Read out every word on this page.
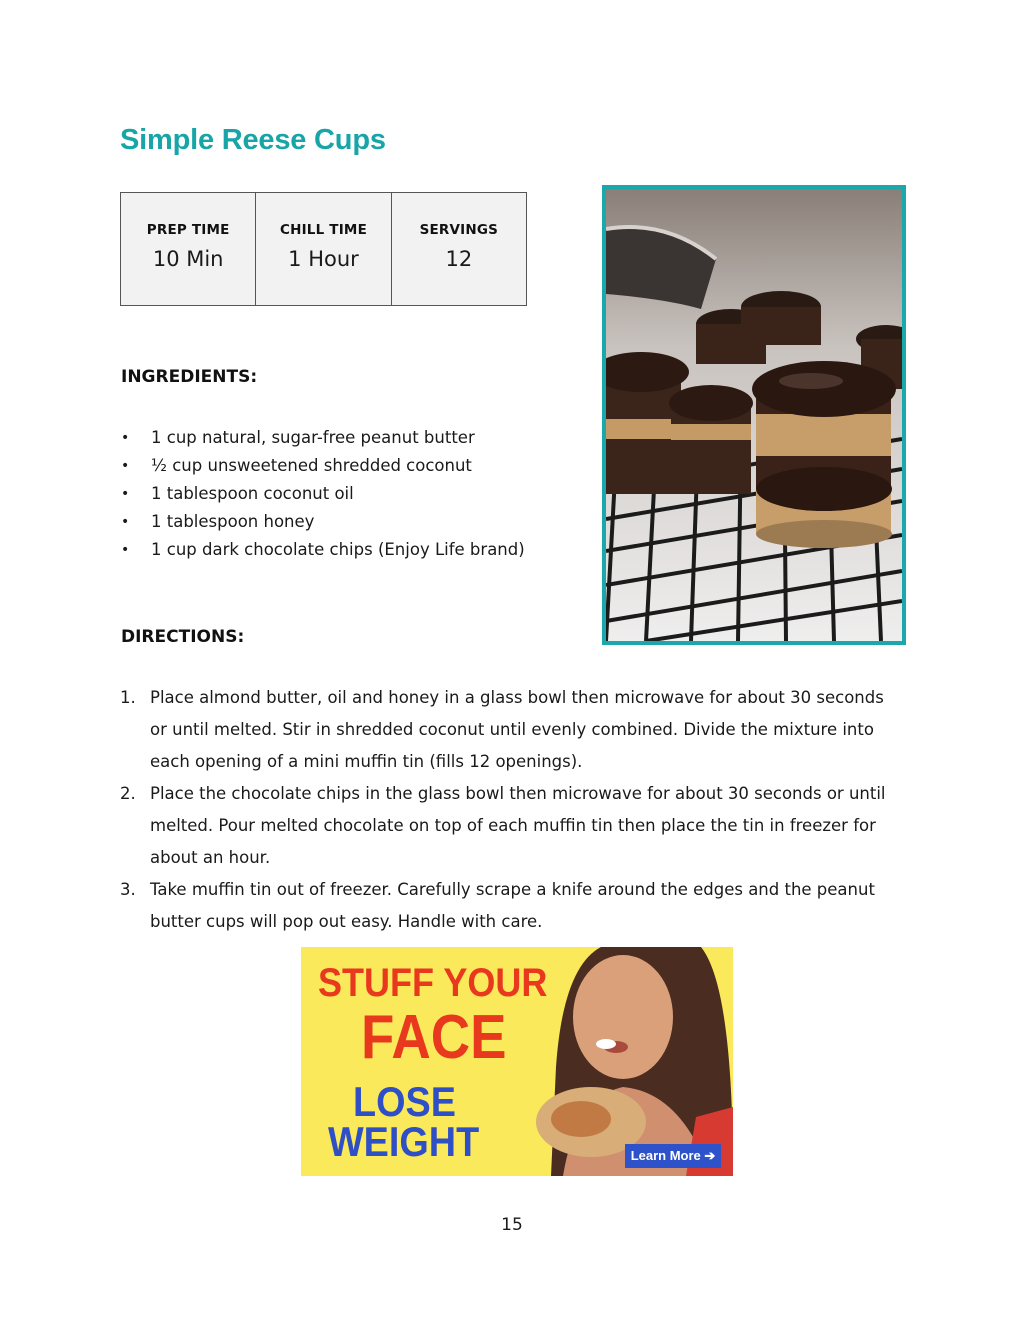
Simple Reese Cups
PREP TIME
10 Min
CHILL TIME
1 Hour
SERVINGS
12
INGREDIENTS:
• 1 cup natural, sugar-free peanut butter
• ½ cup unsweetened shredded coconut
• 1 tablespoon coconut oil
• 1 tablespoon honey
• 1 cup dark chocolate chips (Enjoy Life brand)
DIRECTIONS:
1. Place almond butter, oil and honey in a glass bowl then microwave for about 30 seconds or until melted. Stir in shredded coconut until evenly combined. Divide the mixture into each opening of a mini muffin tin (fills 12 openings).
2. Place the chocolate chips in the glass bowl then microwave for about 30 seconds or until melted. Pour melted chocolate on top of each muffin tin then place the tin in freezer for about an hour.
3. Take muffin tin out of freezer. Carefully scrape a knife around the edges and the peanut butter cups will pop out easy. Handle with care.

STUFF YOUR

FACE

LOSE

WEIGHT	Learn More ➔
15
